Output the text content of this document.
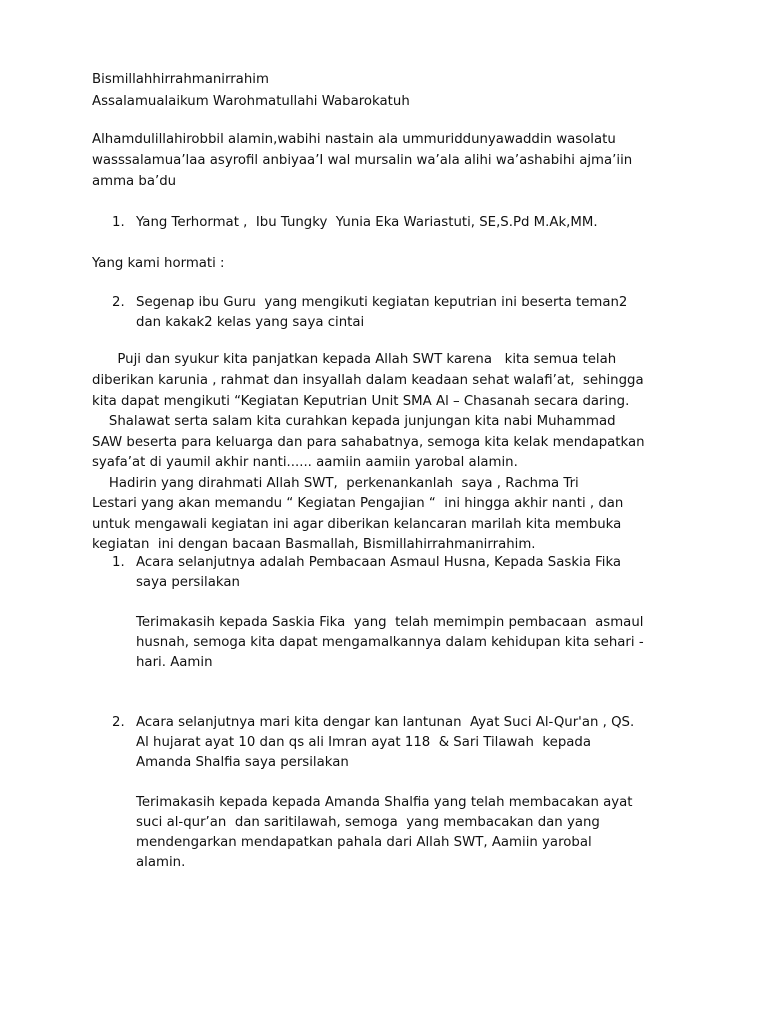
Bismillahhirrahmanirrahim

Assalamualaikum Warohmatullahi Wabarokatuh

Alhamdulillahirobbil alamin,wabihi nastain ala ummuriddunyawaddin wasolatu

wasssalamua’laa asyrofil anbiyaa’I wal mursalin wa’ala alihi wa’ashabihi ajma’iin

amma ba’du

1. Yang Terhormat ,  Ibu Tungky  Yunia Eka Wariastuti, SE,S.Pd M.Ak,MM.

Yang kami hormati :

2. Segenap ibu Guru  yang mengikuti kegiatan keputrian ini beserta teman2

dan kakak2 kelas yang saya cintai

Puji dan syukur kita panjatkan kepada Allah SWT karena   kita semua telah

diberikan karunia , rahmat dan insyallah dalam keadaan sehat walafi’at,  sehingga

kita dapat mengikuti “Kegiatan Keputrian Unit SMA Al – Chasanah secara daring.

Shalawat serta salam kita curahkan kepada junjungan kita nabi Muhammad

SAW beserta para keluarga dan para sahabatnya, semoga kita kelak mendapatkan

syafa’at di yaumil akhir nanti...... aamiin aamiin yarobal alamin.

Hadirin yang dirahmati Allah SWT,  perkenankanlah  saya , Rachma Tri

Lestari yang akan memandu “ Kegiatan Pengajian “  ini hingga akhir nanti , dan

untuk mengawali kegiatan ini agar diberikan kelancaran marilah kita membuka

kegiatan  ini dengan bacaan Basmallah, Bismillahirrahmanirrahim.

1. Acara selanjutnya adalah Pembacaan Asmaul Husna, Kepada Saskia Fika

saya persilakan

Terimakasih kepada Saskia Fika  yang  telah memimpin pembacaan  asmaul

husnah, semoga kita dapat mengamalkannya dalam kehidupan kita sehari -

hari. Aamin

2. Acara selanjutnya mari kita dengar kan lantunan  Ayat Suci Al-Qur'an , QS.

Al hujarat ayat 10 dan qs ali Imran ayat 118  & Sari Tilawah  kepada

Amanda Shalfia saya persilakan

Terimakasih kepada kepada Amanda Shalfia yang telah membacakan ayat

suci al-qur’an  dan saritilawah, semoga  yang membacakan dan yang

mendengarkan mendapatkan pahala dari Allah SWT, Aamiin yarobal

alamin.
